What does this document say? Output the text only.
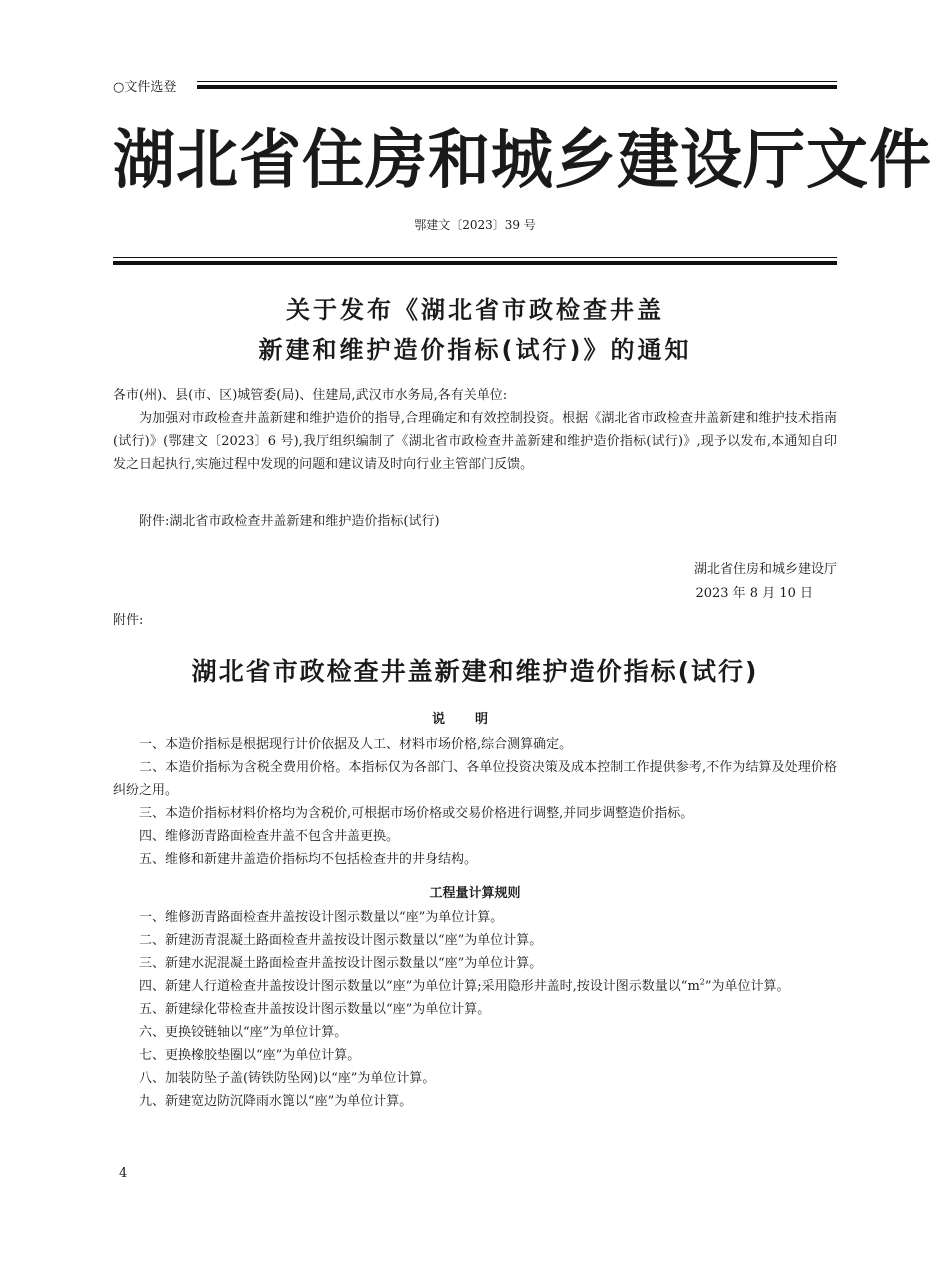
○文件选登
湖北省住房和城乡建设厅文件
鄂建文〔2023〕39 号
关于发布《湖北省市政检查井盖
新建和维护造价指标(试行)》的通知

各市(州)、县(市、区)城管委(局)、住建局,武汉市水务局,各有关单位:

为加强对市政检查井盖新建和维护造价的指导,合理确定和有效控制投资。根据《湖北省市政检查井盖新建和维护技术指南(试行)》(鄂建文〔2023〕6 号),我厅组织编制了《湖北省市政检查井盖新建和维护造价指标(试行)》,现予以发布,本通知自印发之日起执行,实施过程中发现的问题和建议请及时向行业主管部门反馈。

附件:湖北省市政检查井盖新建和维护造价指标(试行)

湖北省住房和城乡建设厅
2023 年 8 月 10 日
附件:
湖北省市政检查井盖新建和维护造价指标(试行)
说明

一、本造价指标是根据现行计价依据及人工、材料市场价格,综合测算确定。

二、本造价指标为含税全费用价格。本指标仅为各部门、各单位投资决策及成本控制工作提供参考,不作为结算及处理价格纠纷之用。

三、本造价指标材料价格均为含税价,可根据市场价格或交易价格进行调整,并同步调整造价指标。

四、维修沥青路面检查井盖不包含井盖更换。

五、维修和新建井盖造价指标均不包括检查井的井身结构。

工程量计算规则

一、维修沥青路面检查井盖按设计图示数量以“座”为单位计算。

二、新建沥青混凝土路面检查井盖按设计图示数量以“座”为单位计算。

三、新建水泥混凝土路面检查井盖按设计图示数量以“座”为单位计算。

四、新建人行道检查井盖按设计图示数量以“座”为单位计算;采用隐形井盖时,按设计图示数量以“$m^2$”为单位计算。

五、新建绿化带检查井盖按设计图示数量以“座”为单位计算。

六、更换铰链轴以“座”为单位计算。

七、更换橡胶垫圈以“座”为单位计算。

八、加装防坠子盖(铸铁防坠网)以“座”为单位计算。

九、新建宽边防沉降雨水篦以“座”为单位计算。

4
